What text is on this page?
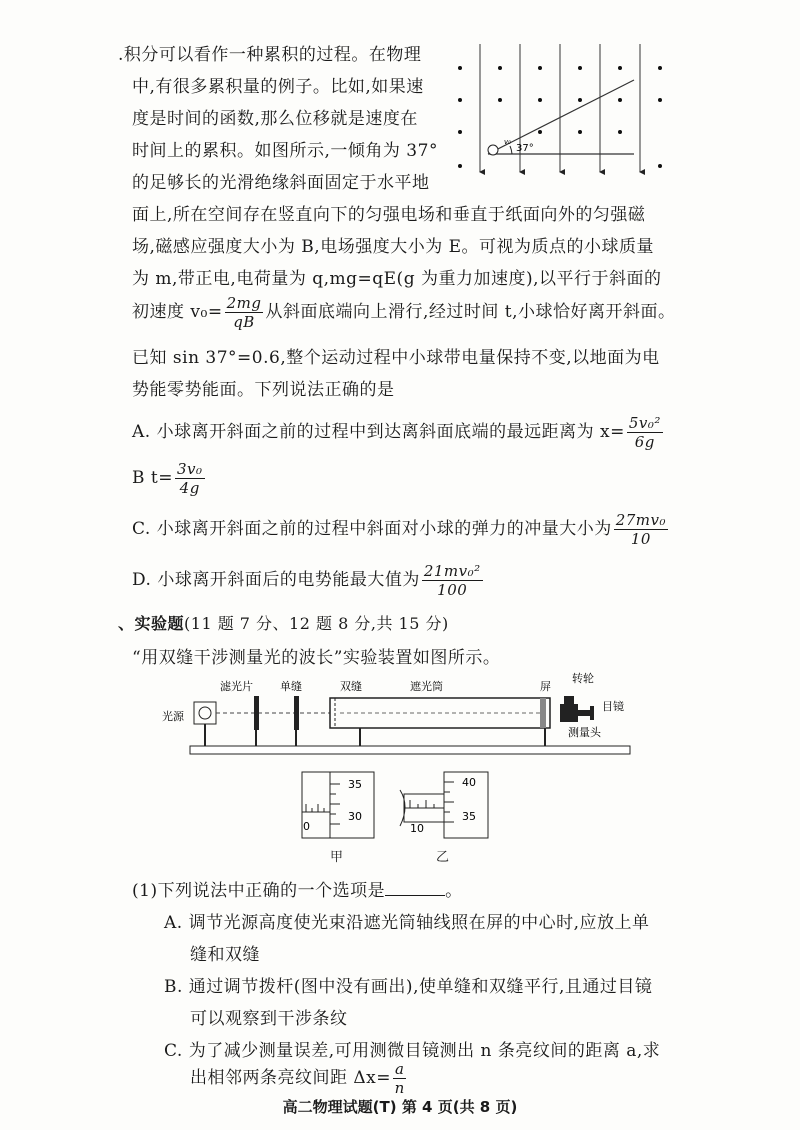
.积分可以看作一种累积的过程。在物理
中,有很多累积量的例子。比如,如果速
度是时间的函数,那么位移就是速度在
时间上的累积。如图所示,一倾角为 37°
的足够长的光滑绝缘斜面固定于水平地
面上,所在空间存在竖直向下的匀强电场和垂直于纸面向外的匀强磁
场,磁感应强度大小为 B,电场强度大小为 E。可视为质点的小球质量
为 m,带正电,电荷量为 q,mg=qE(g 为重力加速度),以平行于斜面的
初速度 $v_0= \frac{2mg}{qB}$ 从斜面底端向上滑行,经过时间 t,小球恰好离开斜面。
已知 sin 37°=0.6,整个运动过程中小球带电量保持不变,以地面为电
势能零势能面。下列说法正确的是
A. 小球离开斜面之前的过程中到达离斜面底端的最远距离为 $x= \frac{\text{5v₀²}}{6g}$
B $t= \frac{\text{3v₀}}{4g}$
C. 小球离开斜面之前的过程中斜面对小球的弹力的冲量大小为 $\frac{\text{27mv₀}}{10}$
D. 小球离开斜面后的电势能最大值为 $\frac{\text{21mv₀²}}{100}$
v₀
37°
、实验题(11 题 7 分、12 题 8 分,共 15 分)
“用双缝干涉测量光的波长”实验装置如图所示。
滤光片 单缝	双缝	遮光筒	屏
转轮
目镜
测量头
光源
0
35
30
甲
10
40
35
乙
(1)下列说法中正确的一个选项是	。
A. 调节光源高度使光束沿遮光筒轴线照在屏的中心时,应放上单
缝和双缝
B. 通过调节拨杆(图中没有画出),使单缝和双缝平行,且通过目镜
可以观察到干涉条纹
C. 为了减少测量误差,可用测微目镜测出 n 条亮纹间的距离 a,求
出相邻两条亮纹间距 $\Delta x= \frac{a}{n}$
高二物理试题(T) 第 4 页(共 8 页)
